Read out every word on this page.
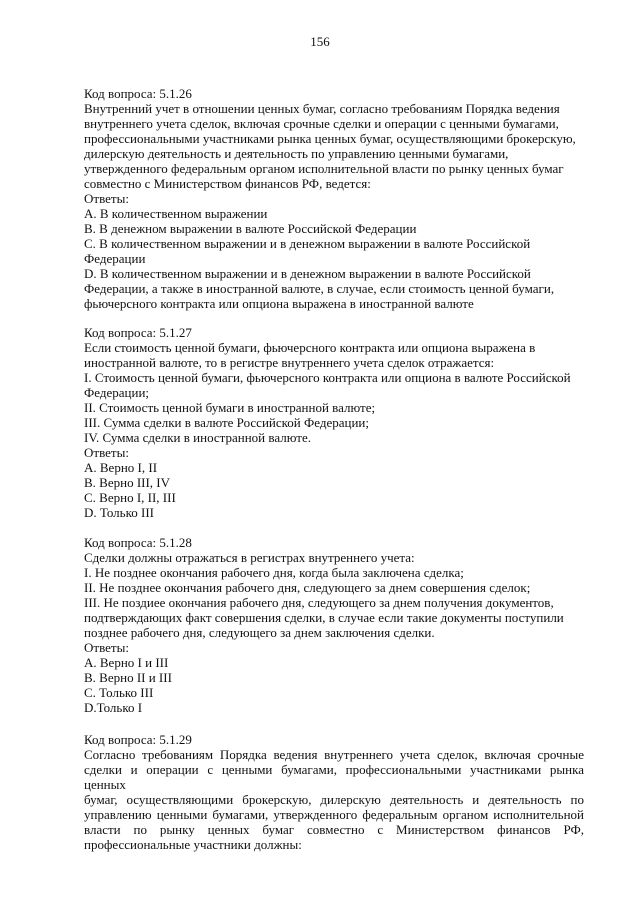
156

Код вопроса: 5.1.26

Внутренний учет в отношении ценных бумаг, согласно требованиям Порядка ведения

внутреннего учета сделок, включая срочные сделки и операции с ценными бумагами,

профессиональными участниками рынка ценных бумаг, осуществляющими брокерскую,

дилерскую деятельность и деятельность по управлению ценными бумагами,

утвержденного федеральным органом исполнительной власти по рынку ценных бумаг

совместно с Министерством финансов РФ, ведется:

Ответы:

A. В количественном выражении

B. В денежном выражении в валюте Российской Федерации

C. В количественном выражении и в денежном выражении в валюте Российской

Федерации

D. В количественном выражении и в денежном выражении в валюте Российской

Федерации, а также в иностранной валюте, в случае, если стоимость ценной бумаги,

фьючерсного контракта или опциона выражена в иностранной валюте

Код вопроса: 5.1.27

Если стоимость ценной бумаги, фьючерсного контракта или опциона выражена в

иностранной валюте, то в регистре внутреннего учета сделок отражается:

I. Стоимость ценной бумаги, фьючерсного контракта или опциона в валюте Российской

Федерации;

II. Стоимость ценной бумаги в иностранной валюте;

III. Сумма сделки в валюте Российской Федерации;

IV. Сумма сделки в иностранной валюте.

Ответы:

A. Верно I, II

B. Верно III, IV

C. Верно I, II, III

D. Только III

Код вопроса: 5.1.28

Сделки должны отражаться в регистрах внутреннего учета:

I. Не позднее окончания рабочего дня, когда была заключена сделка;

II. Не позднее окончания рабочего дня, следующего за днем совершения сделок;

III. Не поздиее окончания рабочего дня, следующего за днем получения документов,

подтверждающих факт совершения сделки, в случае если такие документы поступили

позднее рабочего дня, следующего за днем заключения сделки.

Ответы:

A. Верно I и III

B. Верно II и III

C. Только III

D.Только I

Код вопроса: 5.1.29

Согласно требованиям Порядка ведения внутреннего учета сделок, включая срочные

сделки и операции с ценными бумагами, профессиональными участниками рынка ценных

бумаг, осуществляющими брокерскую, дилерскую деятельность и деятельность по

управлению ценными бумагами, утвержденного федеральным органом исполнительной

власти по рынку ценных бумаг совместно с Министерством финансов РФ,

профессиональные участники должны:
